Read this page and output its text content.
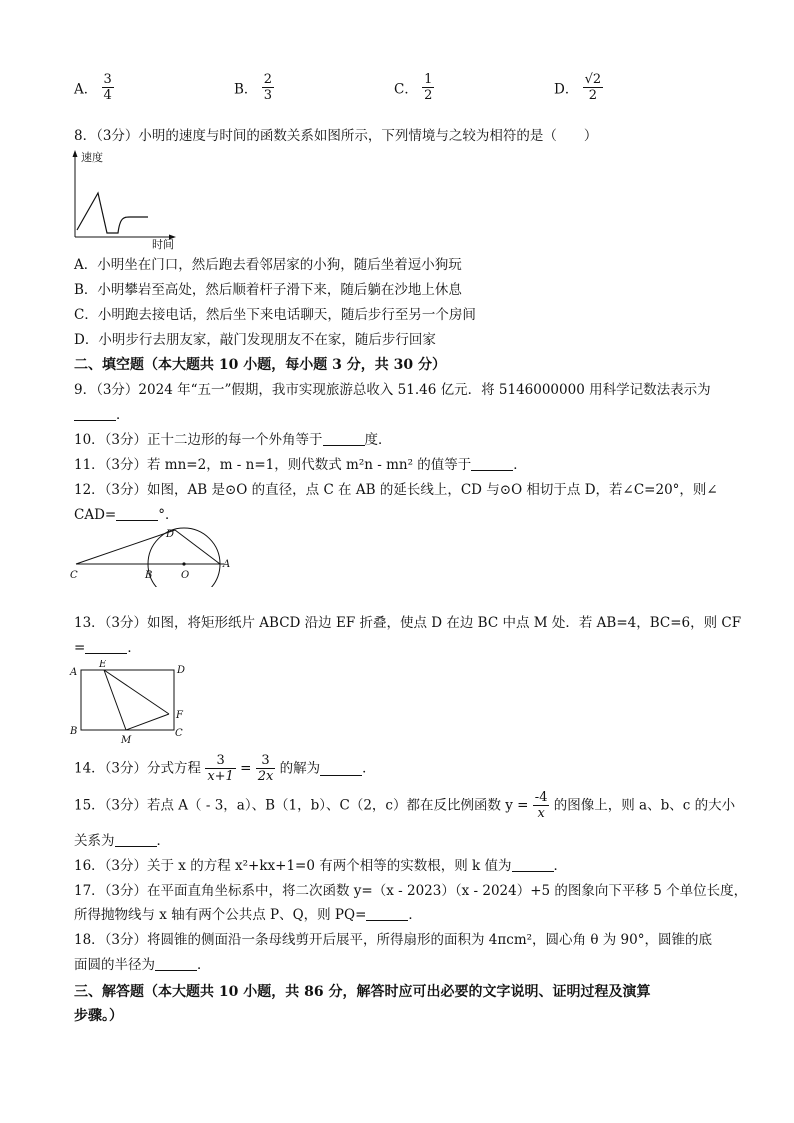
A． $\frac{3}{4}$	B． $\frac{2}{3}$	C． $\frac{1}{2}$	D． $\frac{√2}{2}$
8．（3分）小明的速度与时间的函数关系如图所示，下列情境与之较为相符的是（　　）
速度
时间
A．小明坐在门口，然后跑去看邻居家的小狗，随后坐着逗小狗玩
B．小明攀岩至高处，然后顺着杆子滑下来，随后躺在沙地上休息
C．小明跑去接电话，然后坐下来电话聊天，随后步行至另一个房间
D．小明步行去朋友家，敲门发现朋友不在家，随后步行回家
二、填空题（本大题共 10 小题，每小题 3 分，共 30 分）
9．（3分）2024 年“五一”假期，我市实现旅游总收入 51.46 亿元．将 5146000000 用科学记数法表示为
．
10．（3分）正十二边形的每一个外角等于	度．
11．（3分）若 mn=2，m - n=1，则代数式 m²n - mn² 的值等于	．
12．（3分）如图，AB 是⊙O 的直径，点 C 在 AB 的延长线上，CD 与⊙O 相切于点 D，若∠C=20°，则∠
CAD=	°．
C	B	O
A
D
13．（3分）如图，将矩形纸片 ABCD 沿边 EF 折叠，使点 D 在边 BC 中点 M 处．若 AB=4，BC=6，则 CF
=	．
A
E
D
F
B
M
C
14．（3分）分式方程 $\frac{3}{x+1} = \frac{3}{2x}$ 的解为	．
15．（3分）若点 A（ - 3，a）、B（1，b）、C（2，c）都在反比例函数 $y = \frac{-4}{x}$ 的图像上，则 a、b、c 的大小
关系为	．
16．（3分）关于 x 的方程 x²+kx+1=0 有两个相等的实数根，则 k 值为	．
17．（3分）在平面直角坐标系中，将二次函数 y=（x - 2023）（x - 2024）+5 的图象向下平移 5 个单位长度，
所得抛物线与 x 轴有两个公共点 P、Q，则 PQ=	．
18．（3分）将圆锥的侧面沿一条母线剪开后展平，所得扇形的面积为 4πcm²，圆心角 θ 为 90°，圆锥的底
面圆的半径为	．
三、解答题（本大题共 10 小题，共 86 分，解答时应可出必要的文字说明、证明过程及演算
步骤。）
